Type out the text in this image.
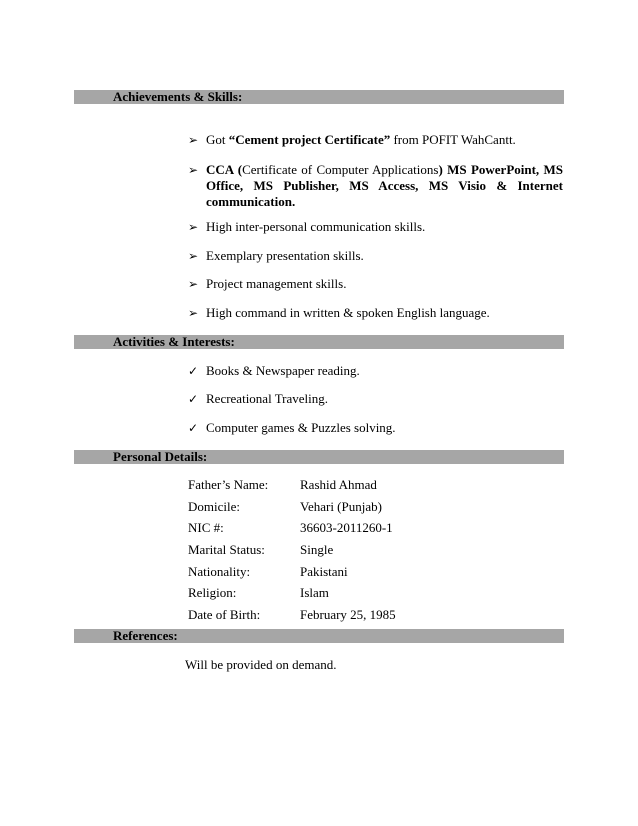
Achievements & Skills:
➢ Got “Cement project Certificate” from POFIT WahCantt.
➢ CCA (Certificate of Computer Applications) MS PowerPoint, MS Office, MS Publisher, MS Access, MS Visio & Internet communication.
➢ High inter-personal communication skills.
➢ Exemplary presentation skills.
➢ Project management skills.
➢ High command in written & spoken English language.
Activities & Interests:
✓ Books & Newspaper reading.
✓ Recreational Traveling.
✓ Computer games & Puzzles solving.
Personal Details:
Father’s Name: Rashid Ahmad
Domicile:	Vehari (Punjab)
NIC #:	36603-2011260-1
Marital Status:	Single
Nationality:	Pakistani
Religion:	Islam
Date of Birth:	February 25, 1985
References:
Will be provided on demand.
